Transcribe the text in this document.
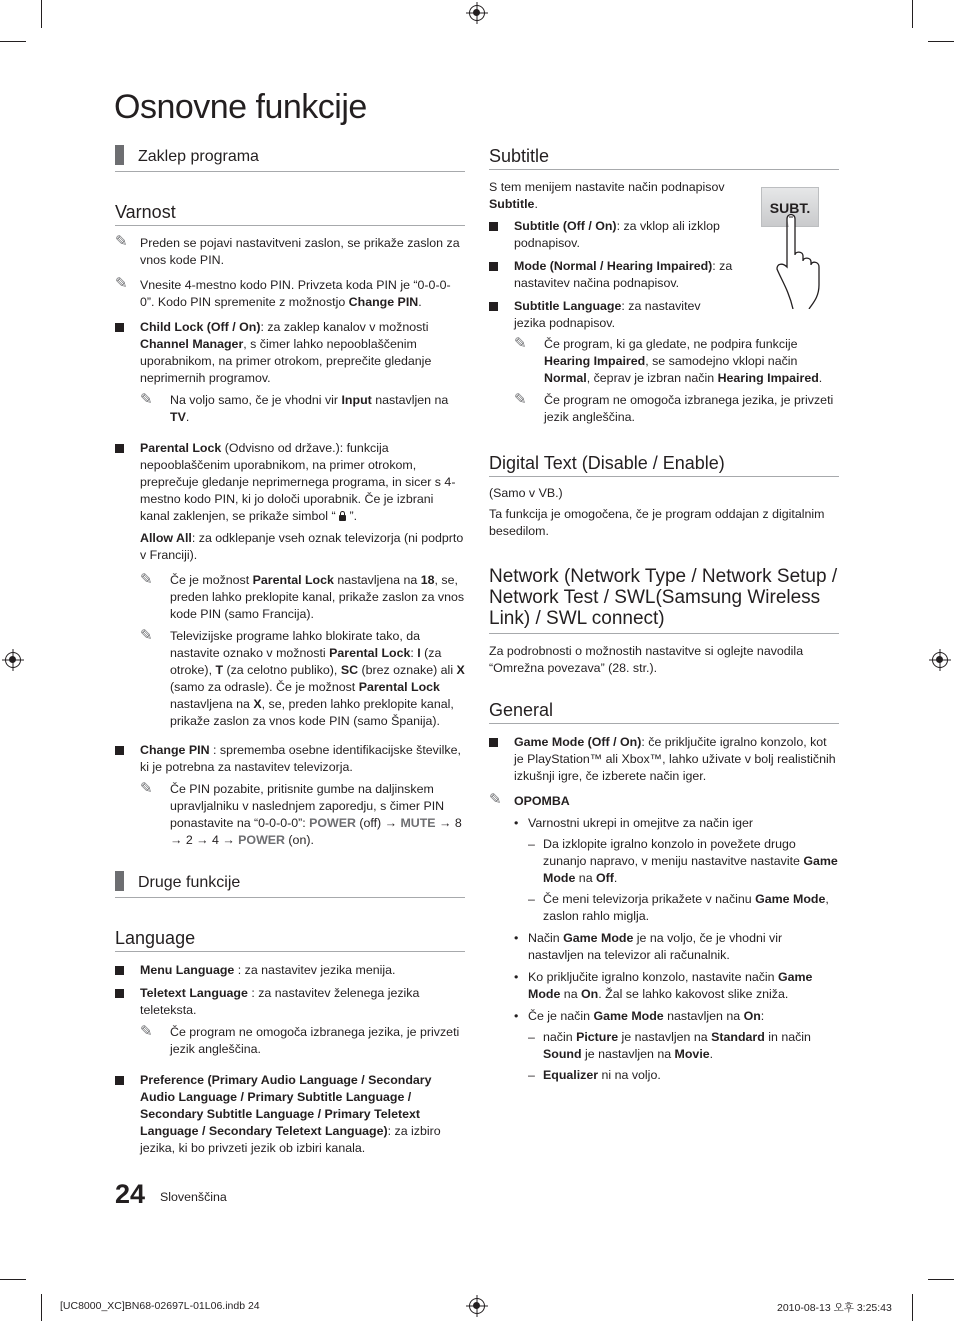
Osnovne funkcije
Zaklep programa
Varnost
✎ Preden se pojavi nastavitveni zaslon, se prikaže zaslon za vnos kode PIN.
✎ Vnesite 4-mestno kodo PIN. Privzeta koda PIN je “0-0-0-0”. Kodo PIN spremenite z možnostjo Change PIN.
Child Lock (Off / On): za zaklep kanalov v možnosti Channel Manager, s čimer lahko nepooblaščenim uporabnikom, na primer otrokom, preprečite gledanje neprimernih programov.
✎ Na voljo samo, če je vhodni vir Input nastavljen na TV.
Parental Lock (Odvisno od države.): funkcija nepooblaščenim uporabnikom, na primer otrokom, preprečuje gledanje neprimernega programa, in sicer s 4-mestno kodo PIN, ki jo določi uporabnik. Če je izbrani kanal zaklenjen, se prikaže simbol “
”.
Allow All: za odklepanje vseh oznak televizorja (ni podprto v Franciji).
✎ Če je možnost Parental Lock nastavljena na 18, se, preden lahko preklopite kanal, prikaže zaslon za vnos kode PIN (samo Francija).
✎ Televizijske programe lahko blokirate tako, da nastavite oznako v možnosti Parental Lock: I (za otroke), T (za celotno publiko), SC (brez oznake) ali X (samo za odrasle). Če je možnost Parental Lock nastavljena na X, se, preden lahko preklopite kanal, prikaže zaslon za vnos kode PIN (samo Španija).
Change PIN : sprememba osebne identifikacijske številke, ki je potrebna za nastavitev televizorja.
✎ Če PIN pozabite, pritisnite gumbe na daljinskem upravljalniku v naslednjem zaporedju, s čimer PIN ponastavite na “0-0-0-0”: POWER (off) → MUTE → 8 → 2 → 4 → POWER (on).
Druge funkcije
Language
Menu Language : za nastavitev jezika menija.
Teletext Language : za nastavitev želenega jezika teleteksta.
✎ Če program ne omogoča izbranega jezika, je privzeti jezik angleščina.
Preference (Primary Audio Language / Secondary Audio Language / Primary Subtitle Language / Secondary Subtitle Language / Primary Teletext Language / Secondary Teletext Language): za izbiro jezika, ki bo privzeti jezik ob izbiri kanala.
Subtitle
S tem menijem nastavite način podnapisov Subtitle.
Subtitle (Off / On): za vklop ali izklop podnapisov.
Mode (Normal / Hearing Impaired): za nastavitev načina podnapisov.
Subtitle Language: za nastavitev jezika podnapisov.
✎ Če program, ki ga gledate, ne podpira funkcije Hearing Impaired, se samodejno vklopi način Normal, čeprav je izbran način Hearing Impaired.
✎ Če program ne omogoča izbranega jezika, je privzeti jezik angleščina.
SUBT.
Digital Text (Disable / Enable)
(Samo v VB.)
Ta funkcija je omogočena, če je program oddajan z digitalnim besedilom.
Network (Network Type / Network Setup / Network Test / SWL(Samsung Wireless Link) / SWL connect)
Za podrobnosti o možnostih nastavitve si oglejte navodila “Omrežna povezava” (28. str.).
General
Game Mode (Off / On): če priključite igralno konzolo, kot je PlayStation™ ali Xbox™, lahko uživate v bolj realističnih izkušnji igre, če izberete način iger.
✎ OPOMBA
• Varnostni ukrepi in omejitve za način iger
– Da izklopite igralno konzolo in povežete drugo zunanjo napravo, v meniju nastavitve nastavite Game Mode na Off.
– Če meni televizorja prikažete v načinu Game Mode, zaslon rahlo miglja.
• Način Game Mode je na voljo, če je vhodni vir nastavljen na televizor ali računalnik.
• Ko priključite igralno konzolo, nastavite način Game Mode na On. Žal se lahko kakovost slike zniža.
• Če je način Game Mode nastavljen na On:
– način Picture je nastavljen na Standard in način Sound je nastavljen na Movie.
– Equalizer ni na voljo.
24 Slovenščina
[UC8000_XC]BN68-02697L-01L06.indb 24	2010-08-13 오후 3:25:43
